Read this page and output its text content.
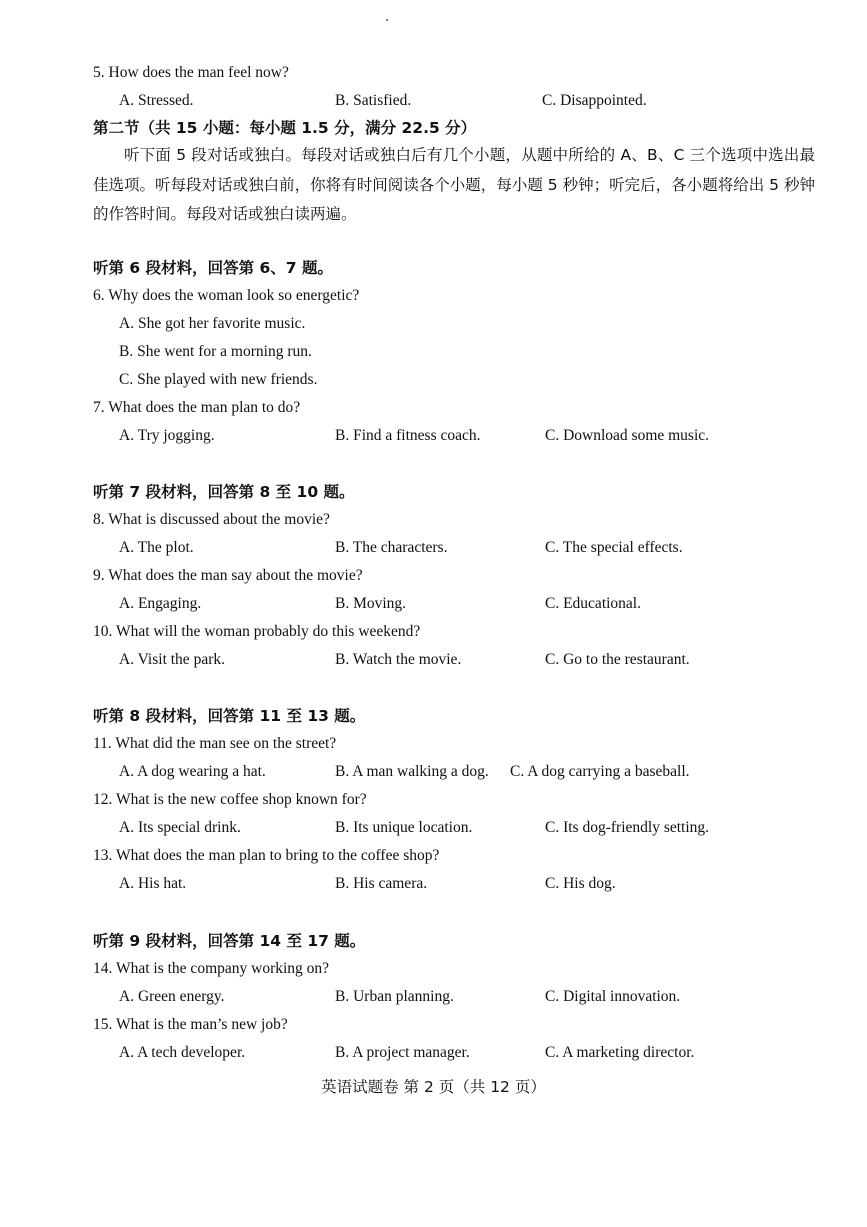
5. How does the man feel now?
A. Stressed.	B. Satisfied.	C. Disappointed.
第二节（共 15 小题：每小题 1.5 分，满分 22.5 分）
听下面 5 段对话或独白。每段对话或独白后有几个小题，从题中所给的 A、B、C 三个选项中选出最佳选项。听每段对话或独白前，你将有时间阅读各个小题，每小题 5 秒钟；听完后，各小题将给出 5 秒钟的作答时间。每段对话或独白读两遍。
听第 6 段材料，回答第 6、7 题。
6. Why does the woman look so energetic?
A. She got her favorite music.
B. She went for a morning run.
C. She played with new friends.
7. What does the man plan to do?
A. Try jogging.	B. Find a fitness coach.	C. Download some music.
听第 7 段材料，回答第 8 至 10 题。
8. What is discussed about the movie?
A. The plot.	B. The characters.	C. The special effects.
9. What does the man say about the movie?
A. Engaging.	B. Moving.	C. Educational.
10. What will the woman probably do this weekend?
A. Visit the park.	B. Watch the movie.	C. Go to the restaurant.
听第 8 段材料，回答第 11 至 13 题。
11. What did the man see on the street?
A. A dog wearing a hat.	B. A man walking a dog. C. A dog carrying a baseball.
12. What is the new coffee shop known for?
A. Its special drink.	B. Its unique location.	C. Its dog-friendly setting.
13. What does the man plan to bring to the coffee shop?
A. His hat.	B. His camera.	C. His dog.
听第 9 段材料，回答第 14 至 17 题。
14. What is the company working on?
A. Green energy.	B. Urban planning.	C. Digital innovation.
15. What is the man’s new job?
A. A tech developer.	B. A project manager.	C. A marketing director.
英语试题卷 第 2 页（共 12 页）
